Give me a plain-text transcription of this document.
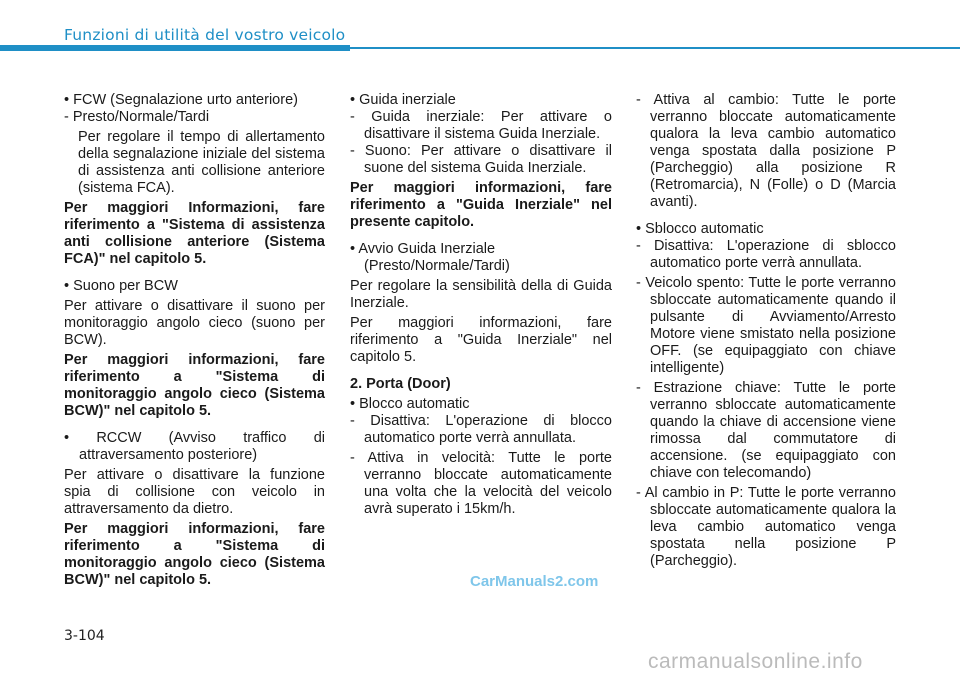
Funzioni di utilità del vostro veicolo

• FCW (Segnalazione urto anteriore)

- Presto/Normale/Tardi

Per regolare il tempo di allertamento della segnalazione iniziale del sistema di assistenza anti collisione anteriore (sistema FCA).

Per maggiori Informazioni, fare riferimento a "Sistema di assistenza anti collisione anteriore (Sistema FCA)" nel capitolo 5.

• Suono per BCW

Per attivare o disattivare il suono per monitoraggio angolo cieco (suono per BCW).

Per maggiori informazioni, fare riferimento a "Sistema di monitoraggio angolo cieco (Sistema BCW)" nel capitolo 5.

• RCCW (Avviso traffico di attraversamento posteriore)

Per attivare o disattivare la funzione spia di collisione con veicolo in attraversamento da dietro.

Per maggiori informazioni, fare riferimento a "Sistema di monitoraggio angolo cieco (Sistema BCW)" nel capitolo 5.

• Guida inerziale

- Guida inerziale: Per attivare o disattivare il sistema Guida Inerziale.

- Suono: Per attivare o disattivare il suone del sistema Guida Inerziale.

Per maggiori informazioni, fare riferimento a "Guida Inerziale" nel presente capitolo.

• Avvio Guida Inerziale

(Presto/Normale/Tardi)

Per regolare la sensibilità della di Guida Inerziale.

Per maggiori informazioni, fare riferimento a "Guida Inerziale" nel capitolo 5.

2. Porta (Door)

• Blocco automatic

- Disattiva: L'operazione di blocco automatico porte verrà annullata.

- Attiva in velocità: Tutte le porte verranno bloccate automaticamente una volta che la velocità del veicolo avrà superato i 15km/h.

- Attiva al cambio: Tutte le porte verranno bloccate automaticamente qualora la leva cambio automatico venga spostata dalla posizione P (Parcheggio) alla posizione R (Retromarcia), N (Folle) o D (Marcia avanti).

• Sblocco automatic

- Disattiva: L'operazione di sblocco automatico porte verrà annullata.

- Veicolo spento: Tutte le porte verranno sbloccate automaticamente quando il pulsante di Avviamento/Arresto Motore viene smistato nella posizione OFF. (se equipaggiato con chiave intelligente)

- Estrazione chiave: Tutte le porte verranno sbloccate automaticamente quando la chiave di accensione viene rimossa dal commutatore di accensione. (se equipaggiato con chiave con telecomando)

- Al cambio in P: Tutte le porte verranno sbloccate automaticamente qualora la leva cambio automatico venga spostata nella posizione P (Parcheggio).

3-104
CarManuals2.com
carmanualsonline.info
